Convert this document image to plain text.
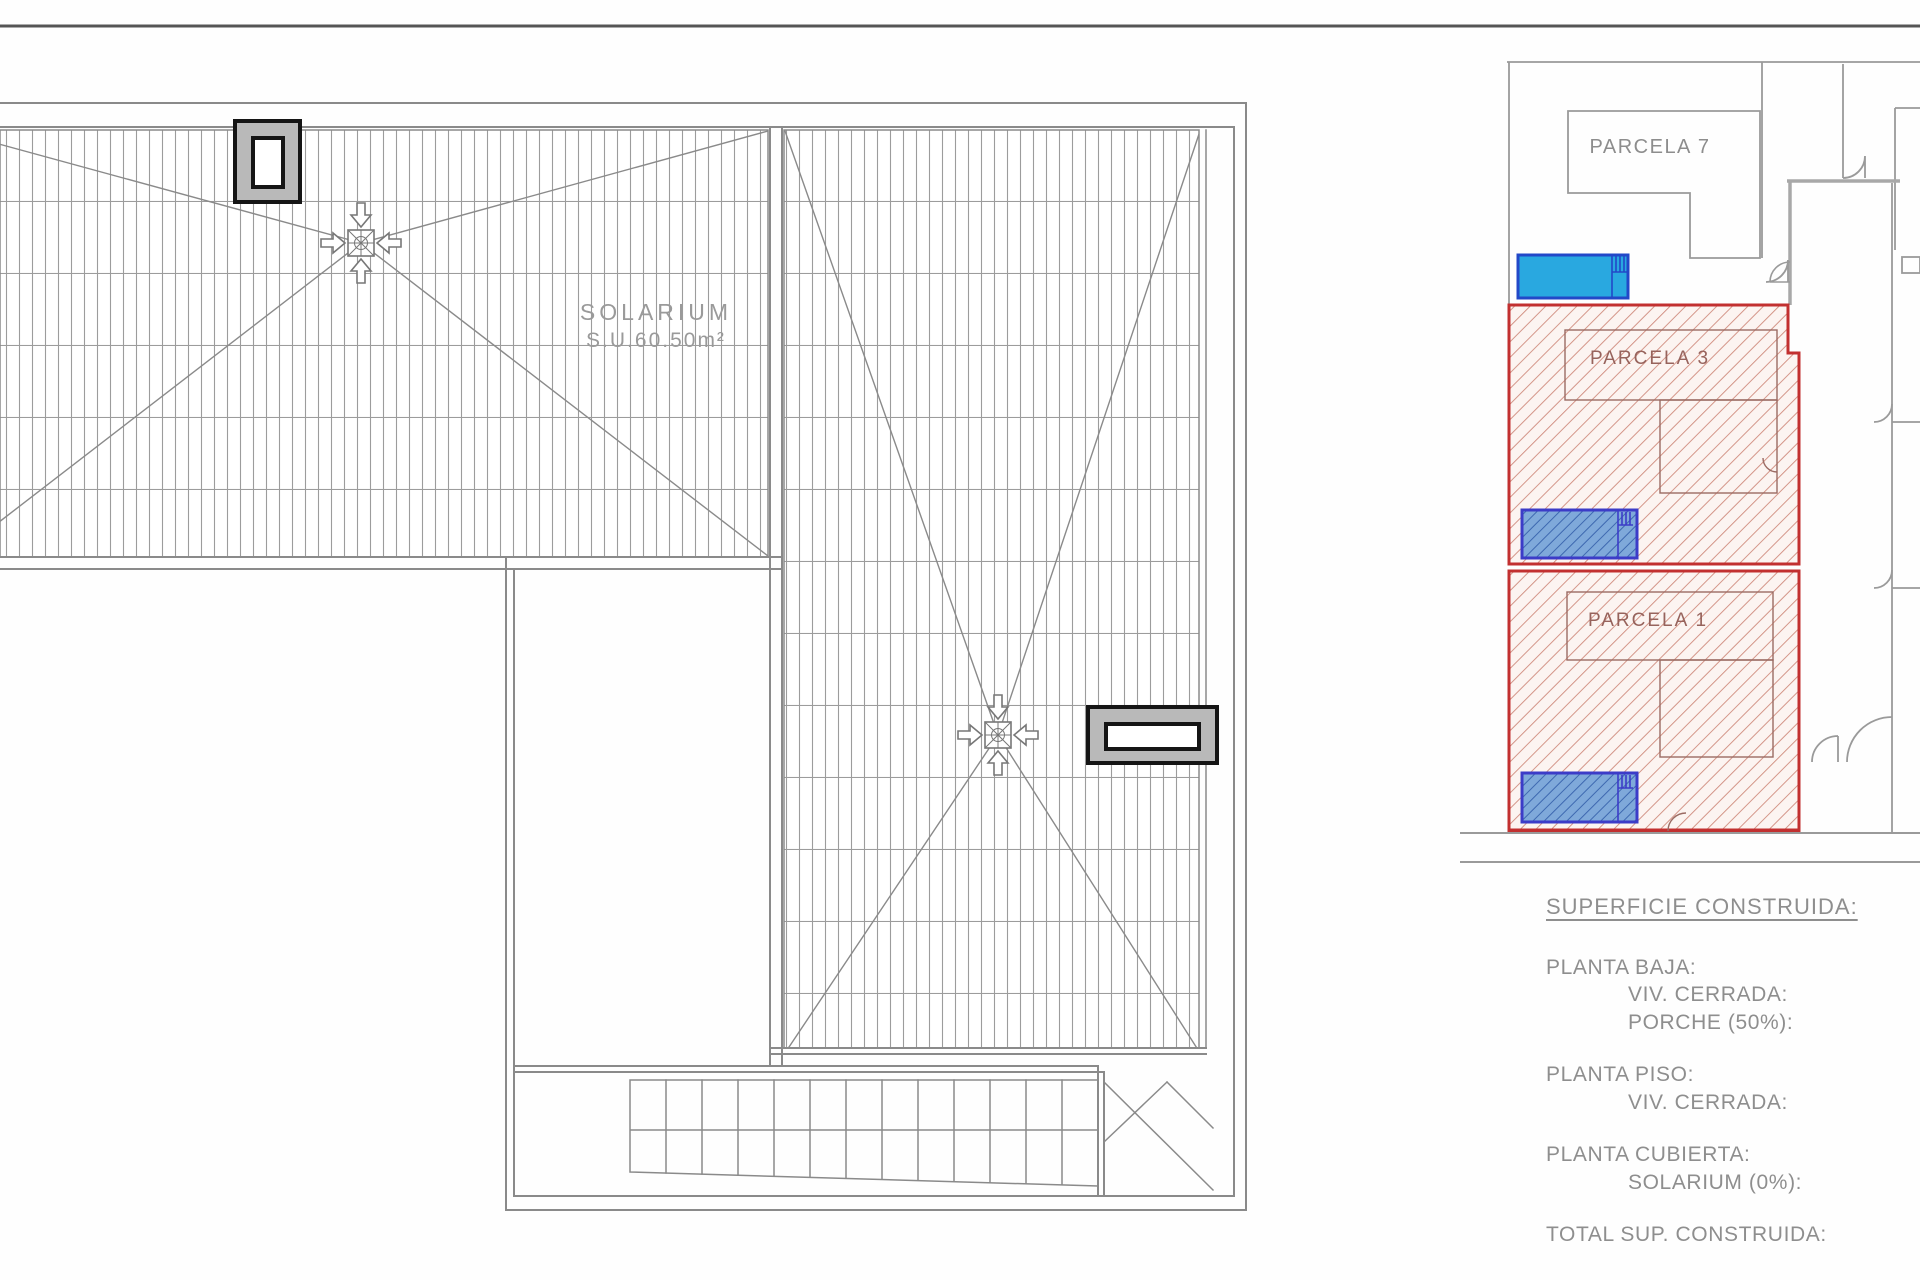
SOLARIUM
S.U.60.50m²
PARCELA 7
PARCELA 3
PARCELA 1
SUPERFICIE CONSTRUIDA:
PLANTA BAJA:
VIV. CERRADA:
PORCHE (50%):
PLANTA PISO:
VIV. CERRADA:
PLANTA CUBIERTA:
SOLARIUM (0%):
TOTAL SUP. CONSTRUIDA:
